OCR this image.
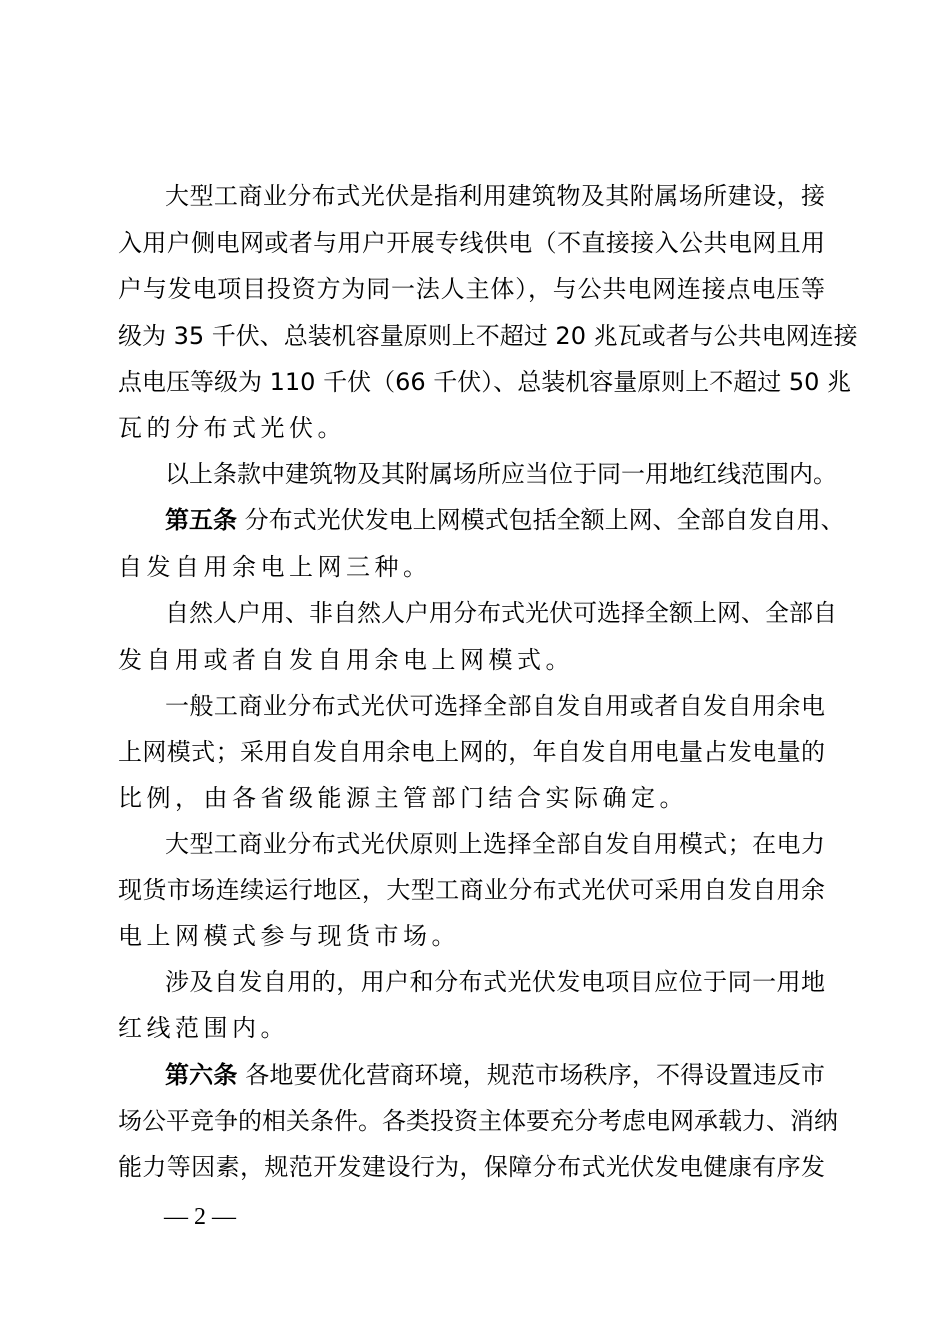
大型工商业分布式光伏是指利用建筑物及其附属场所建设，接
入用户侧电网或者与用户开展专线供电（不直接接入公共电网且用
户与发电项目投资方为同一法人主体），与公共电网连接点电压等
级为 35 千伏、总装机容量原则上不超过 20 兆瓦或者与公共电网连接
点电压等级为 110 千伏（66 千伏）、总装机容量原则上不超过 50 兆
瓦的分布式光伏。
以上条款中建筑物及其附属场所应当位于同一用地红线范围内。
第五条 分布式光伏发电上网模式包括全额上网、全部自发自用、
自发自用余电上网三种。
自然人户用、非自然人户用分布式光伏可选择全额上网、全部自
发自用或者自发自用余电上网模式。
一般工商业分布式光伏可选择全部自发自用或者自发自用余电
上网模式；采用自发自用余电上网的，年自发自用电量占发电量的
比例，由各省级能源主管部门结合实际确定。
大型工商业分布式光伏原则上选择全部自发自用模式；在电力
现货市场连续运行地区，大型工商业分布式光伏可采用自发自用余
电上网模式参与现货市场。
涉及自发自用的，用户和分布式光伏发电项目应位于同一用地
红线范围内。
第六条 各地要优化营商环境，规范市场秩序，不得设置违反市
场公平竞争的相关条件。各类投资主体要充分考虑电网承载力、消纳
能力等因素，规范开发建设行为，保障分布式光伏发电健康有序发
— 2 —
